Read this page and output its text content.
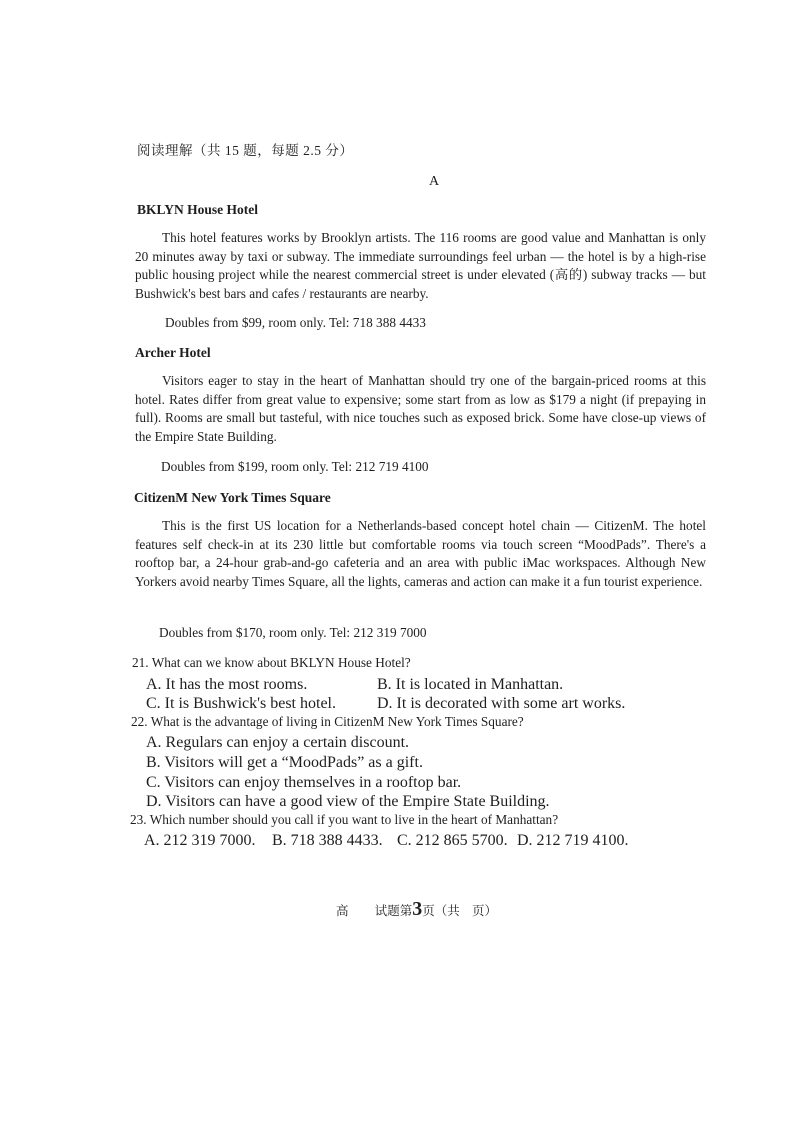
阅读理解（共 15 题，每题 2.5 分）
A
BKLYN House Hotel
This hotel features works by Brooklyn artists. The 116 rooms are good value and Manhattan is only 20 minutes away by taxi or subway. The immediate surroundings feel urban — the hotel is by a high-rise public housing project while the nearest commercial street is under elevated (高的) subway tracks — but Bushwick's best bars and cafes / restaurants are nearby.
Doubles from $99, room only. Tel: 718 388 4433
Archer Hotel
Visitors eager to stay in the heart of Manhattan should try one of the bargain-priced rooms at this hotel. Rates differ from great value to expensive; some start from as low as $179 a night (if prepaying in full). Rooms are small but tasteful, with nice touches such as exposed brick. Some have close-up views of the Empire State Building.
Doubles from $199, room only. Tel: 212 719 4100
CitizenM New York Times Square
This is the first US location for a Netherlands-based concept hotel chain — CitizenM. The hotel features self check-in at its 230 little but comfortable rooms via touch screen “MoodPads”. There's a rooftop bar, a 24-hour grab-and-go cafeteria and an area with public iMac workspaces. Although New Yorkers avoid nearby Times Square, all the lights, cameras and action can make it a fun tourist experience.
Doubles from $170, room only. Tel: 212 319 7000
21. What can we know about BKLYN House Hotel?
A. It has the most rooms.	B. It is located in Manhattan.
C. It is Bushwick's best hotel.	D. It is decorated with some art works.
22. What is the advantage of living in CitizenM New York Times Square?
A. Regulars can enjoy a certain discount.
B. Visitors will get a “MoodPads” as a gift.
C. Visitors can enjoy themselves in a rooftop bar.
D. Visitors can have a good view of the Empire State Building.
23. Which number should you call if you want to live in the heart of Manhattan?
A. 212 319 7000. B. 718 388 4433. C. 212 865 5700. D. 212 719 4100.
高 试题第3页（共 页）
